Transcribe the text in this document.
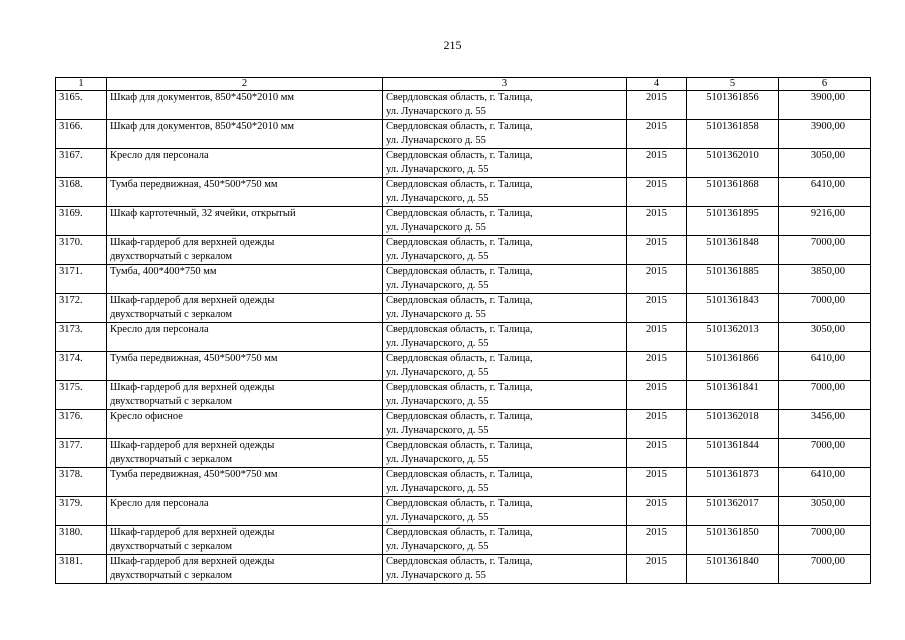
215
1	2	3	4	5	6
3165.	Шкаф для документов, 850*450*2010 мм	Свердловская область, г. Талица,
ул. Луначарского д. 55	2015	5101361856	3900,00
3166.	Шкаф для документов, 850*450*2010 мм	Свердловская область, г. Талица,
ул. Луначарского д. 55	2015	5101361858	3900,00
3167.	Кресло для персонала	Свердловская область, г. Талица,
ул. Луначарского, д. 55	2015	5101362010	3050,00
3168.	Тумба передвижная, 450*500*750 мм	Свердловская область, г. Талица,
ул. Луначарского, д. 55	2015	5101361868	6410,00
3169.	Шкаф картотечный, 32 ячейки, открытый	Свердловская область, г. Талица,
ул. Луначарского д. 55	2015	5101361895	9216,00
3170.	Шкаф-гардероб для верхней одежды
двухстворчатый с зеркалом	Свердловская область, г. Талица,
ул. Луначарского, д. 55	2015	5101361848	7000,00
3171.	Тумба, 400*400*750 мм	Свердловская область, г. Талица,
ул. Луначарского, д. 55	2015	5101361885	3850,00
3172.	Шкаф-гардероб для верхней одежды
двухстворчатый с зеркалом	Свердловская область, г. Талица,
ул. Луначарского д. 55	2015	5101361843	7000,00
3173.	Кресло для персонала	Свердловская область, г. Талица,
ул. Луначарского, д. 55	2015	5101362013	3050,00
3174.	Тумба передвижная, 450*500*750 мм	Свердловская область, г. Талица,
ул. Луначарского, д. 55	2015	5101361866	6410,00
3175.	Шкаф-гардероб для верхней одежды
двухстворчатый с зеркалом	Свердловская область, г. Талица,
ул. Луначарского, д. 55	2015	5101361841	7000,00
3176.	Кресло офисное	Свердловская область, г. Талица,
ул. Луначарского, д. 55	2015	5101362018	3456,00
3177.	Шкаф-гардероб для верхней одежды
двухстворчатый с зеркалом	Свердловская область, г. Талица,
ул. Луначарского, д. 55	2015	5101361844	7000,00
3178.	Тумба передвижная, 450*500*750 мм	Свердловская область, г. Талица,
ул. Луначарского, д. 55	2015	5101361873	6410,00
3179.	Кресло для персонала	Свердловская область, г. Талица,
ул. Луначарского, д. 55	2015	5101362017	3050,00
3180.	Шкаф-гардероб для верхней одежды
двухстворчатый с зеркалом	Свердловская область, г. Талица,
ул. Луначарского, д. 55	2015	5101361850	7000,00
3181.	Шкаф-гардероб для верхней одежды
двухстворчатый с зеркалом	Свердловская область, г. Талица,
ул. Луначарского д. 55	2015	5101361840	7000,00
